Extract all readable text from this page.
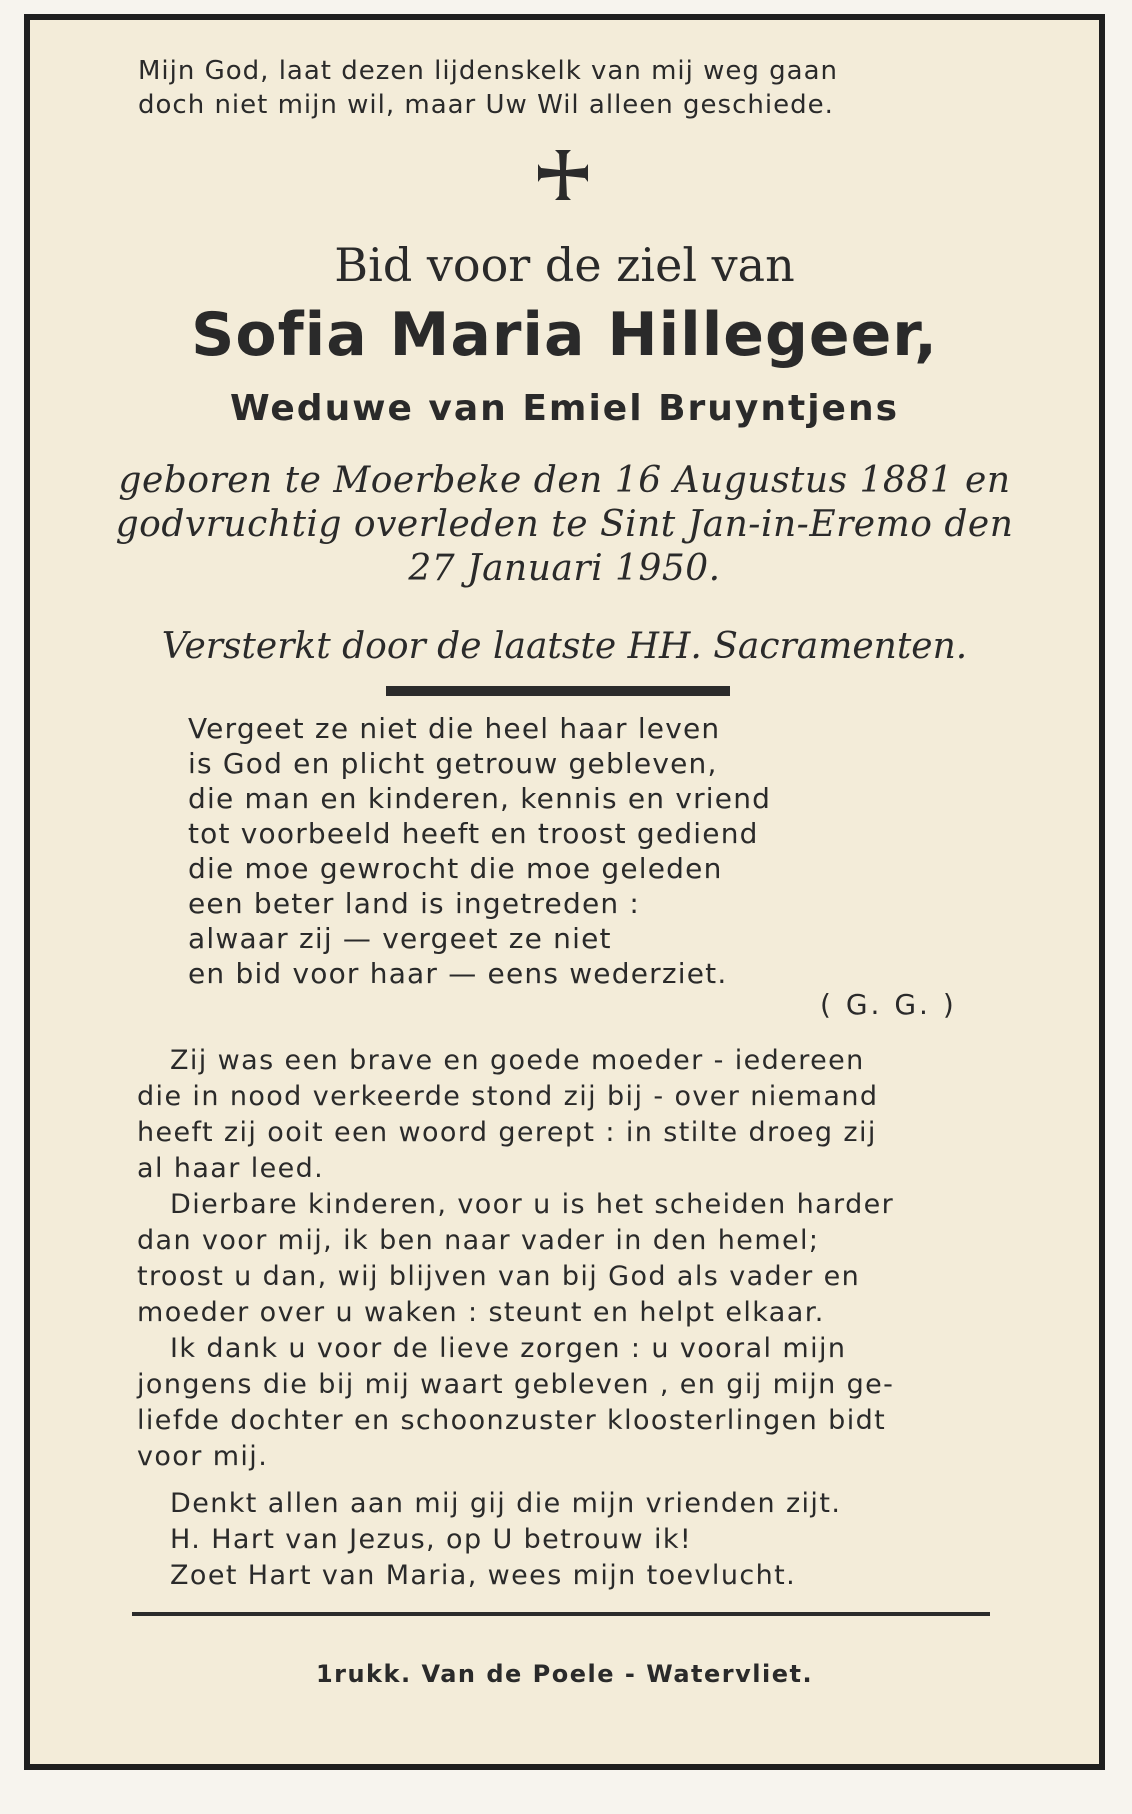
Mijn God, laat dezen lijdenskelk van mij weg gaan
doch niet mijn wil, maar Uw Wil alleen geschiede.
Bid voor de ziel van
Sofia Maria Hillegeer,
Weduwe van Emiel Bruyntjens
geboren te Moerbeke den 16 Augustus 1881 en
godvruchtig overleden te Sint Jan-in-Eremo den
27 Januari 1950.
Versterkt door de laatste HH. Sacramenten.
Vergeet ze niet die heel haar leven
is God en plicht getrouw gebleven,
die man en kinderen, kennis en vriend
tot voorbeeld heeft en troost gediend
die moe gewrocht die moe geleden
een beter land is ingetreden :
alwaar zij — vergeet ze niet
en bid voor haar — eens wederziet.
( G. G. )
Zij was een brave en goede moeder - iedereen
die in nood verkeerde stond zij bij - over niemand
heeft zij ooit een woord gerept : in stilte droeg zij
al haar leed.
Dierbare kinderen, voor u is het scheiden harder
dan voor mij, ik ben naar vader in den hemel;
troost u dan, wij blijven van bij God als vader en
moeder over u waken : steunt en helpt elkaar.
Ik dank u voor de lieve zorgen : u vooral mijn
jongens die bij mij waart gebleven , en gij mijn ge-
liefde dochter en schoonzuster kloosterlingen bidt
voor mij.
Denkt allen aan mij gij die mijn vrienden zijt.
H. Hart van Jezus, op U betrouw ik!
Zoet Hart van Maria, wees mijn toevlucht.
1rukk. Van de Poele - Watervliet.
